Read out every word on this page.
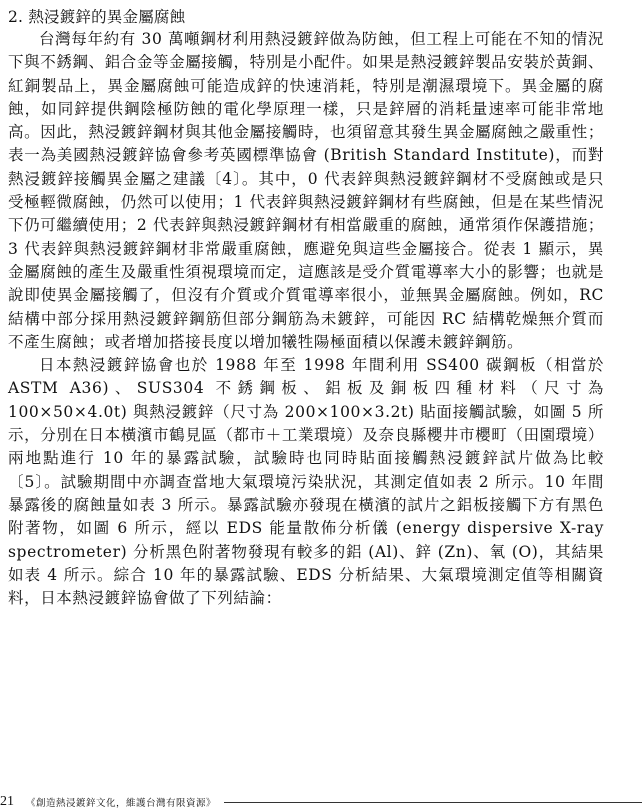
2. 熱浸鍍鋅的異金屬腐蝕

台灣每年約有 30 萬噸鋼材利用熱浸鍍鋅做為防蝕，但工程上可能在不知的情況下與不銹鋼、鋁合金等金屬接觸，特別是小配件。如果是熱浸鍍鋅製品安裝於黃銅、紅銅製品上，異金屬腐蝕可能造成鋅的快速消耗，特別是潮濕環境下。異金屬的腐蝕，如同鋅提供鋼陰極防蝕的電化學原理一樣，只是鋅層的消耗量速率可能非常地高。因此，熱浸鍍鋅鋼材與其他金屬接觸時，也須留意其發生異金屬腐蝕之嚴重性；表一為美國熱浸鍍鋅協會參考英國標準協會 (British Standard Institute)，而對熱浸鍍鋅接觸異金屬之建議〔4〕。其中，0 代表鋅與熱浸鍍鋅鋼材不受腐蝕或是只受極輕微腐蝕，仍然可以使用；1 代表鋅與熱浸鍍鋅鋼材有些腐蝕，但是在某些情況下仍可繼續使用；2 代表鋅與熱浸鍍鋅鋼材有相當嚴重的腐蝕，通常須作保護措施；3 代表鋅與熱浸鍍鋅鋼材非常嚴重腐蝕，應避免與這些金屬接合。從表 1 顯示，異金屬腐蝕的產生及嚴重性須視環境而定，這應該是受介質電導率大小的影響；也就是說即使異金屬接觸了，但沒有介質或介質電導率很小，並無異金屬腐蝕。例如，RC 結構中部分採用熱浸鍍鋅鋼筋但部分鋼筋為未鍍鋅，可能因 RC 結構乾燥無介質而不產生腐蝕；或者增加搭接長度以增加犧牲陽極面積以保護未鍍鋅鋼筋。

日本熱浸鍍鋅協會也於 1988 年至 1998 年間利用 SS400 碳鋼板（相當於 ASTM A36)、SUS304 不銹鋼板、鋁板及銅板四種材料（尺寸為 100×50×4.0t) 與熱浸鍍鋅（尺寸為 200×100×3.2t) 貼面接觸試驗，如圖 5 所示，分別在日本橫濱市鶴見區（都市＋工業環境）及奈良縣櫻井市櫻町（田園環境）兩地點進行 10 年的暴露試驗，試驗時也同時貼面接觸熱浸鍍鋅試片做為比較〔5〕。試驗期間中亦調查當地大氣環境污染狀況，其測定值如表 2 所示。10 年間暴露後的腐蝕量如表 3 所示。暴露試驗亦發現在橫濱的試片之鋁板接觸下方有黑色附著物，如圖 6 所示，經以 EDS 能量散佈分析儀 (energy dispersive X-ray spectrometer) 分析黑色附著物發現有較多的鋁 (Al)、鋅 (Zn)、氧 (O)，其結果如表 4 所示。綜合 10 年的暴露試驗、EDS 分析結果、大氣環境測定值等相關資料，日本熱浸鍍鋅協會做了下列結論：

21 《創造熱浸鍍鋅文化，維護台灣有限資源》
